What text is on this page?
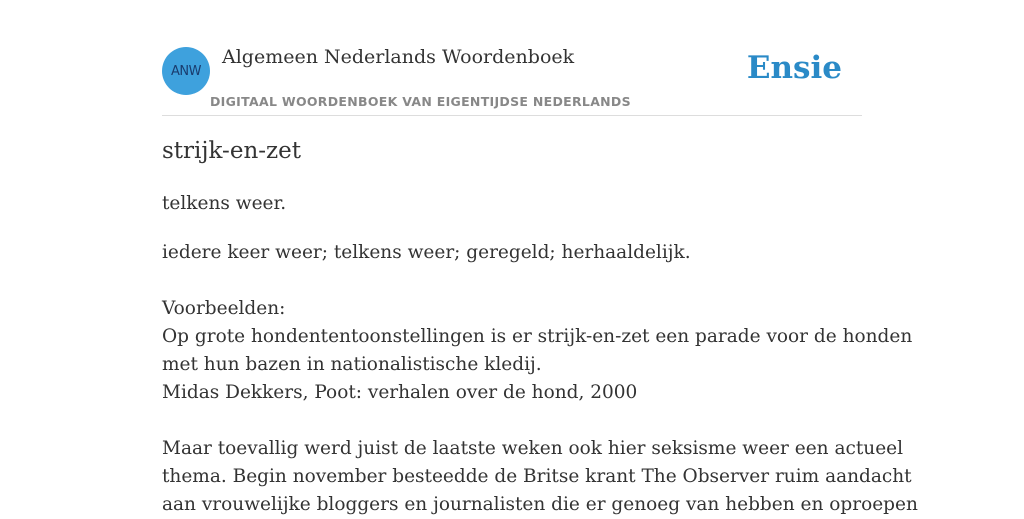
ANW
Algemeen Nederlands Woordenboek
DIGITAAL WOORDENBOEK VAN EIGENTIJDSE NEDERLANDS
Ensie
strijk-en-zet

telkens weer.

iedere keer weer; telkens weer; geregeld; herhaaldelijk.
Voorbeelden:
Op grote hondententoonstellingen is er strijk-en-zet een parade voor de honden
met hun bazen in nationalistische kledij.
Midas Dekkers, Poot: verhalen over de hond, 2000
Maar toevallig werd juist de laatste weken ook hier seksisme weer een actueel
thema. Begin november besteedde de Britse krant The Observer ruim aandacht
aan vrouwelijke bloggers en journalisten die er genoeg van hebben en oproepen
